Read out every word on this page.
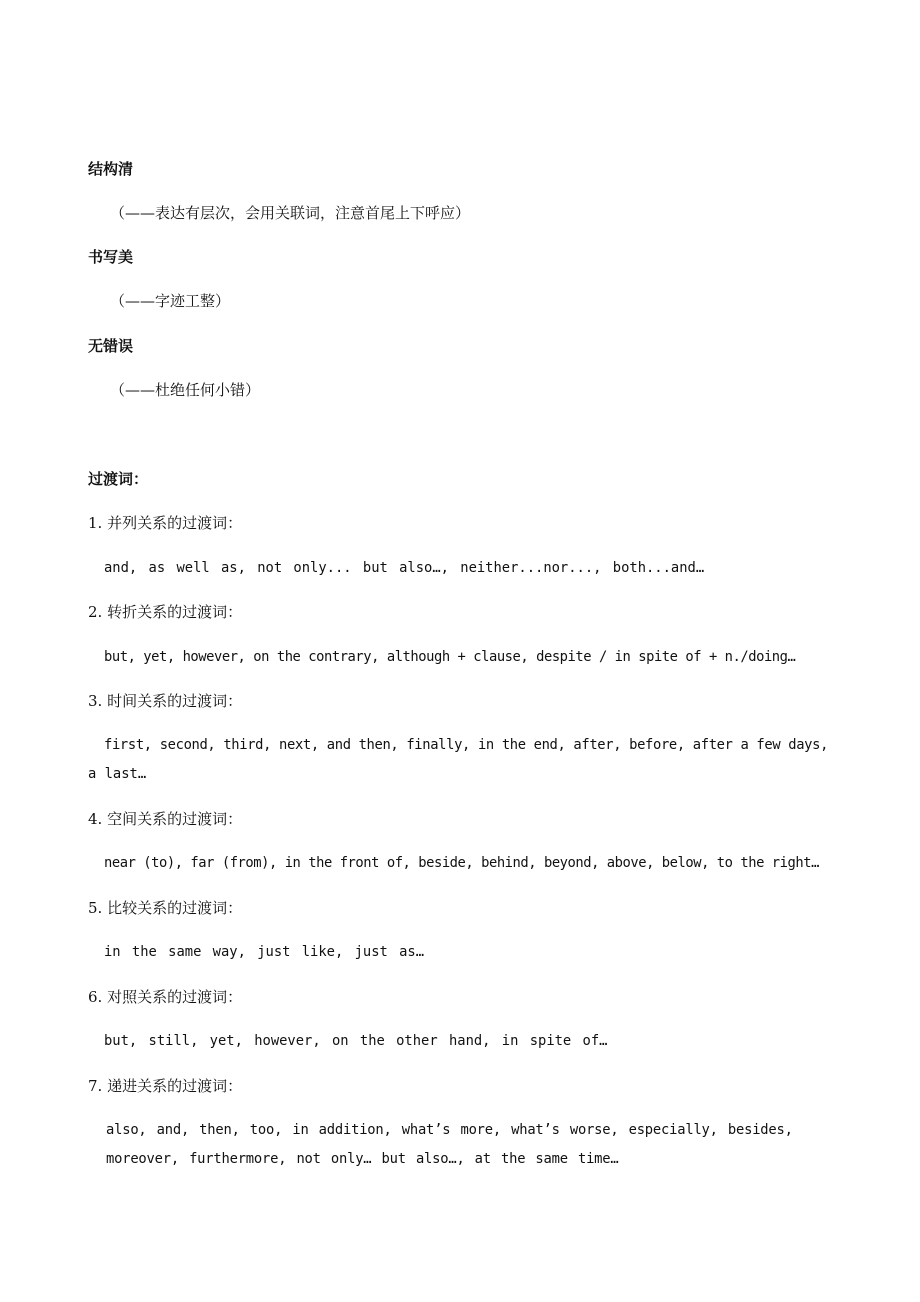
结构清
（——表达有层次，会用关联词，注意首尾上下呼应）
书写美
（——字迹工整）
无错误
（——杜绝任何小错）
过渡词：
1. 并列关系的过渡词：
and, as well as, not only... but also…, neither...nor..., both...and…
2. 转折关系的过渡词：
but, yet, however, on the contrary, although + clause, despite / in spite of + n./doing…
3. 时间关系的过渡词：
first, second, third, next, and then, finally, in the end, after, before, after a few days,
a last…
4. 空间关系的过渡词：
near (to), far (from), in the front of, beside, behind, beyond, above, below, to the right…
5. 比较关系的过渡词：
in the same way, just like, just as…
6. 对照关系的过渡词：
but, still, yet, however, on the other hand, in spite of…
7. 递进关系的过渡词：
also, and, then, too, in addition, what’s more, what’s worse, especially, besides,
moreover, furthermore, not only… but also…, at the same time…
